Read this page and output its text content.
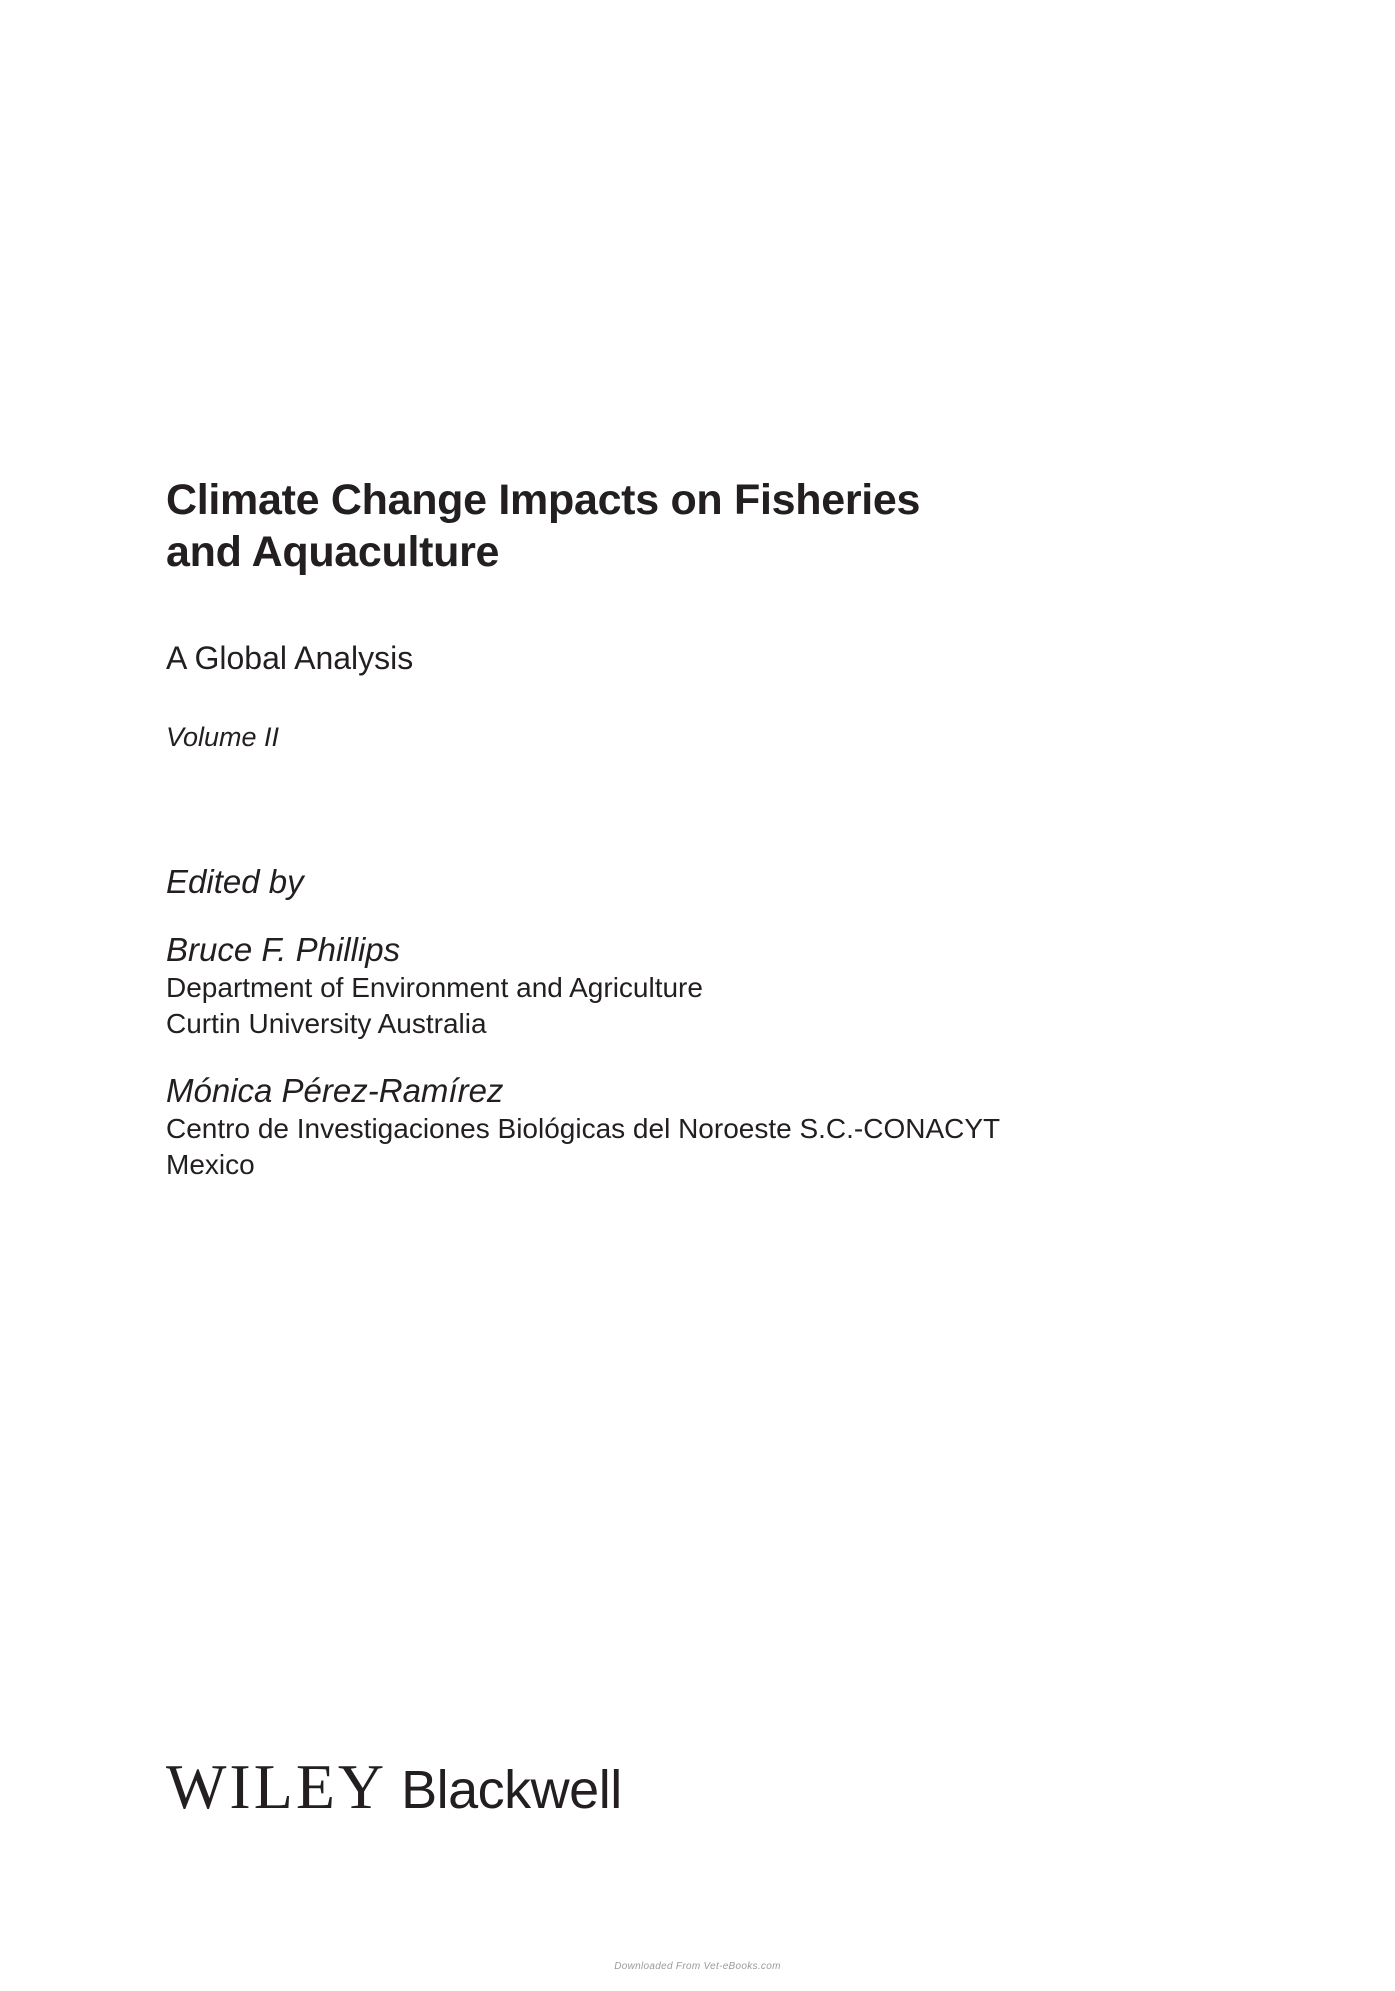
Climate Change Impacts on Fisheries
and Aquaculture
A Global Analysis
Volume II
Edited by
Bruce F. Phillips
Department of Environment and Agriculture
Curtin University Australia
Mónica Pérez-Ramírez
Centro de Investigaciones Biológicas del Noroeste S.C.-CONACYT
Mexico
WILEY Blackwell
Downloaded From Vet-eBooks.com
